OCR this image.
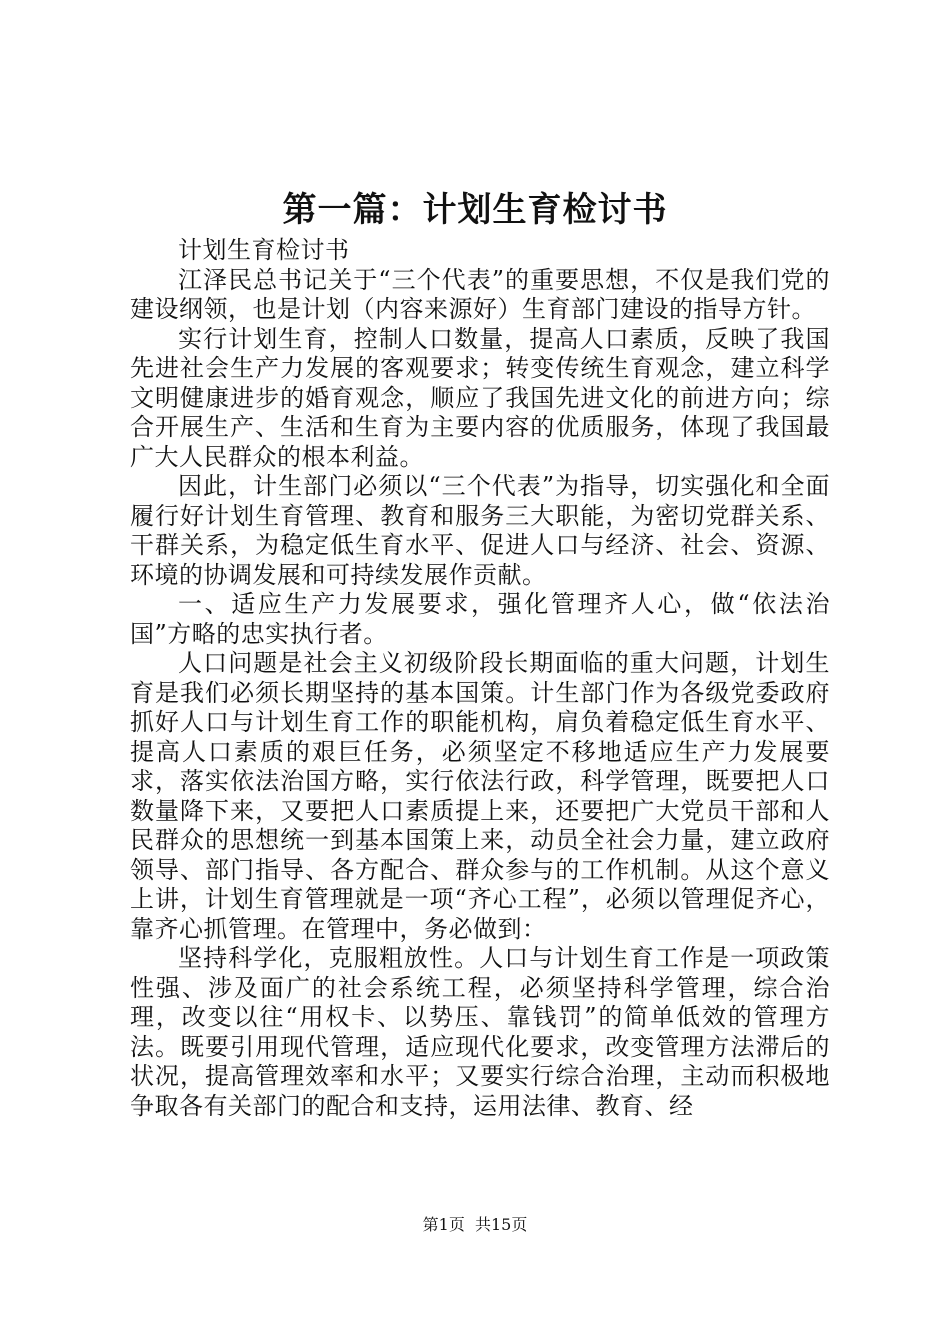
第一篇：计划生育检讨书

计划生育检讨书

江泽民总书记关于“三个代表”的重要思想，不仅是我们党的建设纲领，也是计划（内容来源好）生育部门建设的指导方针。

实行计划生育，控制人口数量，提高人口素质，反映了我国先进社会生产力发展的客观要求；转变传统生育观念，建立科学文明健康进步的婚育观念，顺应了我国先进文化的前进方向；综合开展生产、生活和生育为主要内容的优质服务，体现了我国最广大人民群众的根本利益。

因此，计生部门必须以“三个代表”为指导，切实强化和全面履行好计划生育管理、教育和服务三大职能，为密切党群关系、干群关系，为稳定低生育水平、促进人口与经济、社会、资源、环境的协调发展和可持续发展作贡献。

一、适应生产力发展要求，强化管理齐人心，做“依法治国”方略的忠实执行者。

人口问题是社会主义初级阶段长期面临的重大问题，计划生育是我们必须长期坚持的基本国策。计生部门作为各级党委政府抓好人口与计划生育工作的职能机构，肩负着稳定低生育水平、提高人口素质的艰巨任务，必须坚定不移地适应生产力发展要求，落实依法治国方略，实行依法行政，科学管理，既要把人口数量降下来，又要把人口素质提上来，还要把广大党员干部和人民群众的思想统一到基本国策上来，动员全社会力量，建立政府领导、部门指导、各方配合、群众参与的工作机制。从这个意义上讲，计划生育管理就是一项“齐心工程”，必须以管理促齐心，靠齐心抓管理。在管理中，务必做到：

坚持科学化，克服粗放性。人口与计划生育工作是一项政策性强、涉及面广的社会系统工程，必须坚持科学管理，综合治理，改变以往“用权卡、以势压、靠钱罚”的简单低效的管理方法。既要引用现代管理，适应现代化要求，改变管理方法滞后的状况，提高管理效率和水平；又要实行综合治理，主动而积极地争取各有关部门的配合和支持，运用法律、教育、经

第1页  共15页
